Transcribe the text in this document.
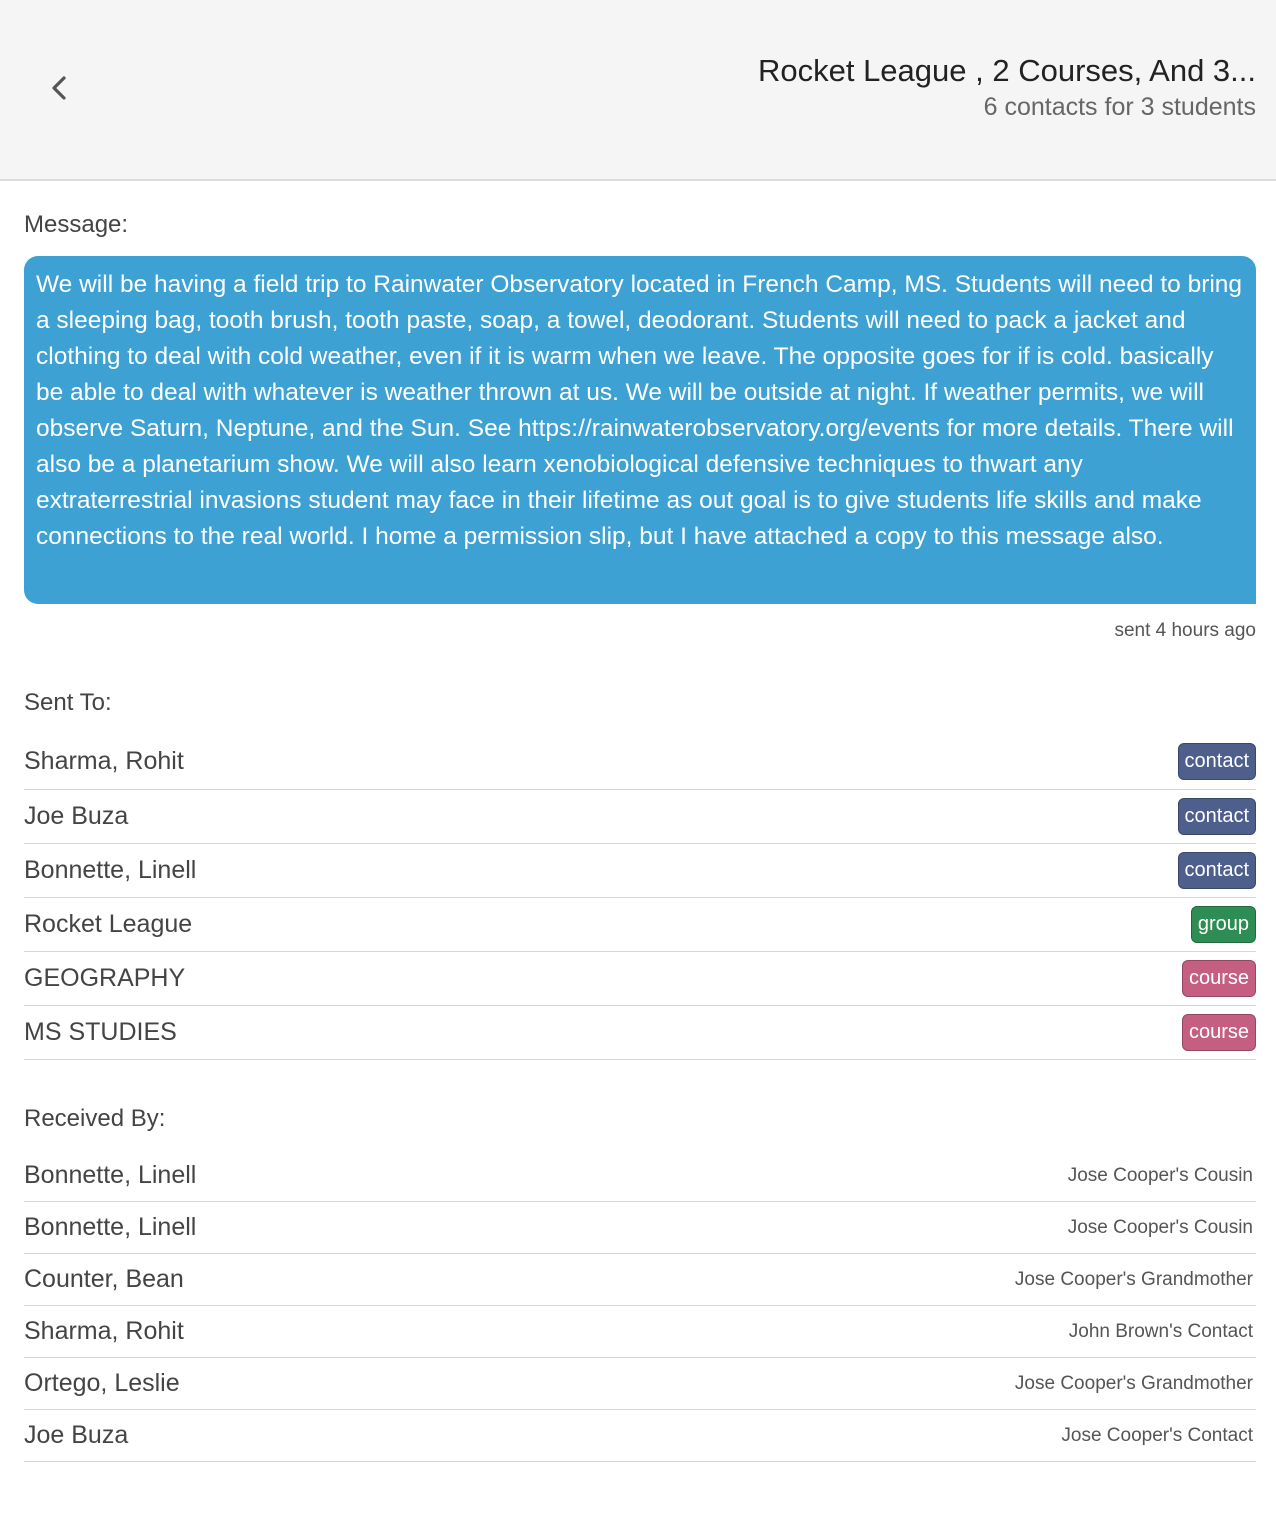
Rocket League , 2 Courses, And 3...
6 contacts for 3 students
Message:
We will be having a field trip to Rainwater Observatory located in French Camp, MS. Students will need to bring a sleeping bag, tooth brush, tooth paste, soap, a towel, deodorant. Students will need to pack a jacket and clothing to deal with cold weather, even if it is warm when we leave. The opposite goes for if is cold. basically be able to deal with whatever is weather thrown at us. We will be outside at night. If weather permits, we will observe Saturn, Neptune, and the Sun. See https://rainwaterobservatory.org/events for more details. There will also be a planetarium show. We will also learn xenobiological defensive techniques to thwart any extraterrestrial invasions student may face in their lifetime as out goal is to give students life skills and make connections to the real world. I home a permission slip, but I have attached a copy to this message also.
sent 4 hours ago
Sent To:
Sharma, Rohit	contact
Joe Buza	contact
Bonnette, Linell	contact
Rocket League	group
GEOGRAPHY	course
MS STUDIES	course
Received By:
Bonnette, Linell	Jose Cooper's Cousin
Bonnette, Linell	Jose Cooper's Cousin
Counter, Bean	Jose Cooper's Grandmother
Sharma, Rohit	John Brown's Contact
Ortego, Leslie	Jose Cooper's Grandmother
Joe Buza	Jose Cooper's Contact
